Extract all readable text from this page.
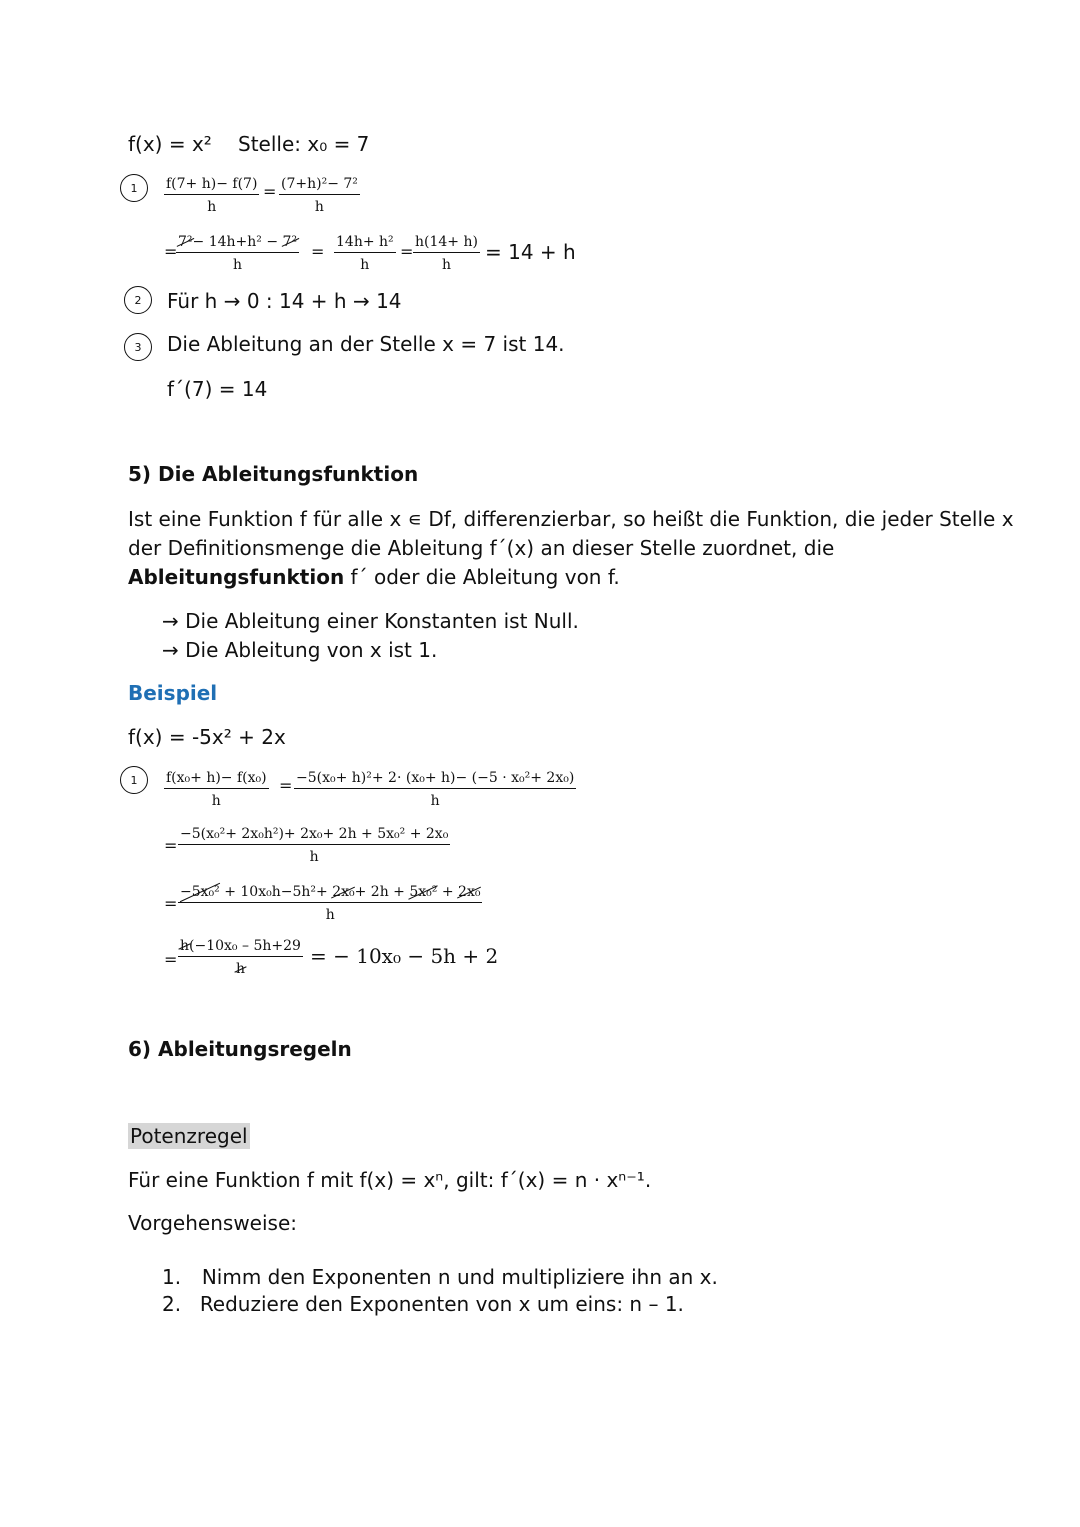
f(x) = x² Stelle: x₀ = 7
1	$\frac{f(7+ h)- f(7)}{h} = \frac{\text{(7+h)²− 7²}}{h}$
=
$\frac{\text{7²− 14h+h² − 7²}}{h} = \frac{\text{14h+ h²}}{h} = \frac{h(14+ h)}{h} = 14 + h$
2	Für h → 0 : 14 + h → 14
3	Die Ableitung an der Stelle x = 7 ist 14.
f´(7) = 14
5) Die Ableitungsfunktion
Ist eine Funktion f für alle x ∊ Df, differenzierbar, so heißt die Funktion, die jeder Stelle x
der Definitionsmenge die Ableitung f´(x) an dieser Stelle zuordnet, die
Ableitungsfunktion f´ oder die Ableitung von f.
→ Die Ableitung einer Konstanten ist Null.
→ Die Ableitung von x ist 1.
Beispiel
f(x) = -5x² + 2x
1	$\frac{\text{f(x₀+ h)− f(x₀)}}{h} = \frac{\text{−5(x₀+ h)²+ 2· (x₀+ h)− (−5 · x₀²+ 2x₀)}}{h}$
= $\frac{\text{−5(x₀²+ 2x₀h²)+ 2x₀+ 2h + 5x₀² + 2x₀}}{h}$
= $\frac{\text{−5x₀² + 10x₀h−5h²+ 2x₀+ 2h + 5x₀² + 2x₀}}{h}$
= $\frac{\text{h(−10x₀ – 5h+29}}{h}$ = − 10x₀ − 5h + 2
6) Ableitungsregeln
Potenzregel
Für eine Funktion f mit f(x) = xⁿ, gilt: f´(x) = n · xⁿ⁻¹.
Vorgehensweise:
1. Nimm den Exponenten n und multipliziere ihn an x.
2. Reduziere den Exponenten von x um eins: n – 1.
